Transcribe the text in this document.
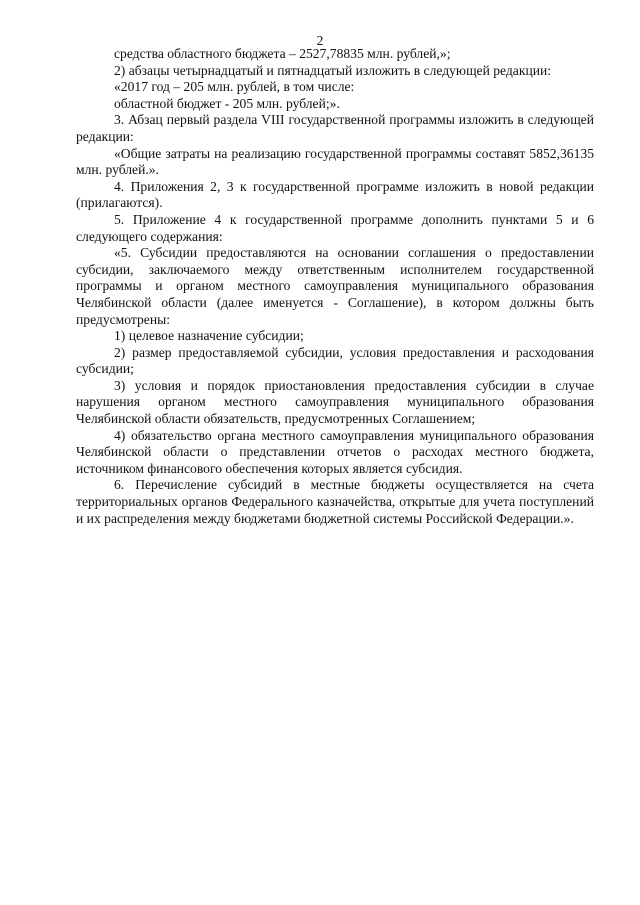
2

средства областного бюджета – 2527,78835 млн. рублей,»;

2) абзацы четырнадцатый и пятнадцатый изложить в следующей редакции:

«2017 год – 205 млн. рублей, в том числе:

областной бюджет - 205 млн. рублей;».

3. Абзац первый раздела VIII государственной программы изложить в следующей редакции:

«Общие затраты на реализацию государственной программы составят 5852,36135 млн. рублей.».

4. Приложения 2, 3 к государственной программе изложить в новой редакции (прилагаются).

5. Приложение 4 к государственной программе дополнить пунктами 5 и 6 следующего содержания:

«5. Субсидии предоставляются на основании соглашения о предоставлении субсидии, заключаемого между ответственным исполнителем государственной программы и органом местного самоуправления муниципального образования Челябинской области (далее именуется - Соглашение), в котором должны быть предусмотрены:

1) целевое назначение субсидии;

2) размер предоставляемой субсидии, условия предоставления и расходования субсидии;

3) условия и порядок приостановления предоставления субсидии в случае нарушения органом местного самоуправления муниципального образования Челябинской области обязательств, предусмотренных Соглашением;

4) обязательство органа местного самоуправления муниципального образования Челябинской области о представлении отчетов о расходах местного бюджета, источником финансового обеспечения которых является субсидия.

6. Перечисление субсидий в местные бюджеты осуществляется на счета территориальных органов Федерального казначейства, открытые для учета поступлений и их распределения между бюджетами бюджетной системы Российской Федерации.».
